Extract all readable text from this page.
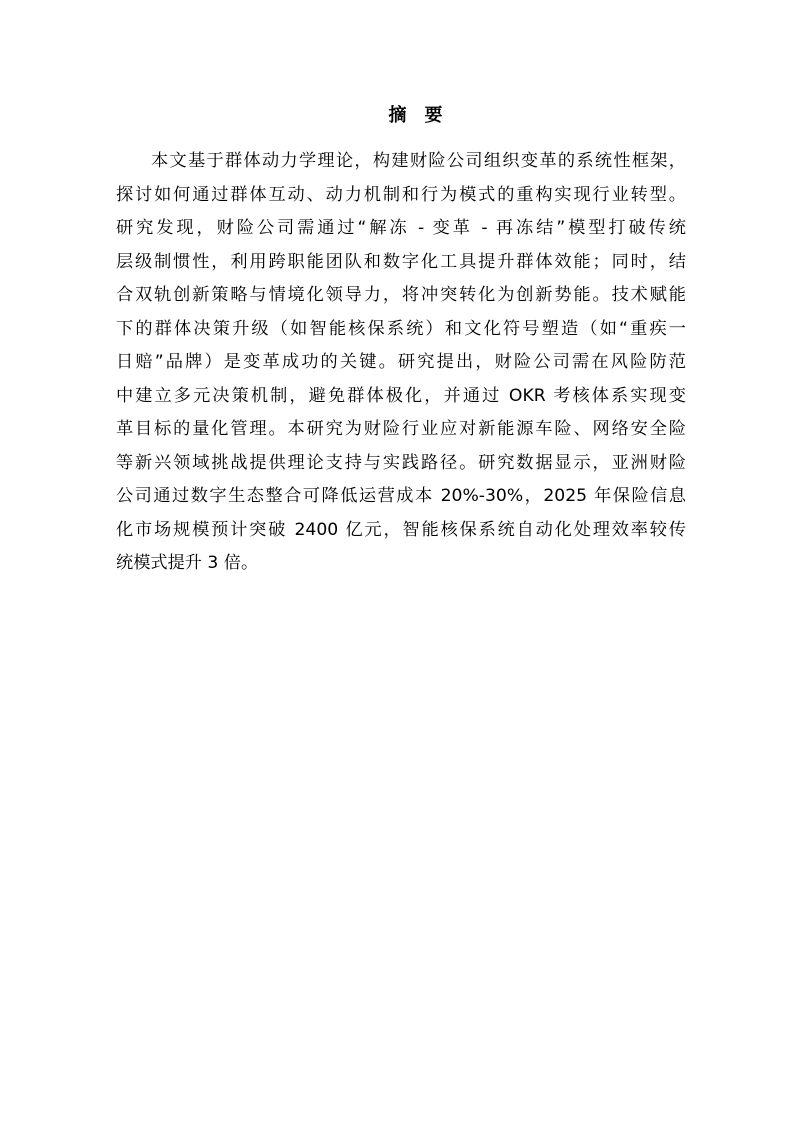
摘　要
本文基于群体动力学理论，构建财险公司组织变革的系统性框架，
探讨如何通过群体互动、动力机制和行为模式的重构实现行业转型。
研究发现，财险公司需通过“解冻 - 变革 - 再冻结”模型打破传统
层级制惯性，利用跨职能团队和数字化工具提升群体效能；同时，结
合双轨创新策略与情境化领导力，将冲突转化为创新势能。技术赋能
下的群体决策升级（如智能核保系统）和文化符号塑造（如“重疾一
日赔”品牌）是变革成功的关键。研究提出，财险公司需在风险防范
中建立多元决策机制，避免群体极化，并通过 OKR 考核体系实现变
革目标的量化管理。本研究为财险行业应对新能源车险、网络安全险
等新兴领域挑战提供理论支持与实践路径。研究数据显示，亚洲财险
公司通过数字生态整合可降低运营成本 20%-30%，2025 年保险信息
化市场规模预计突破 2400 亿元，智能核保系统自动化处理效率较传
统模式提升 3 倍。
